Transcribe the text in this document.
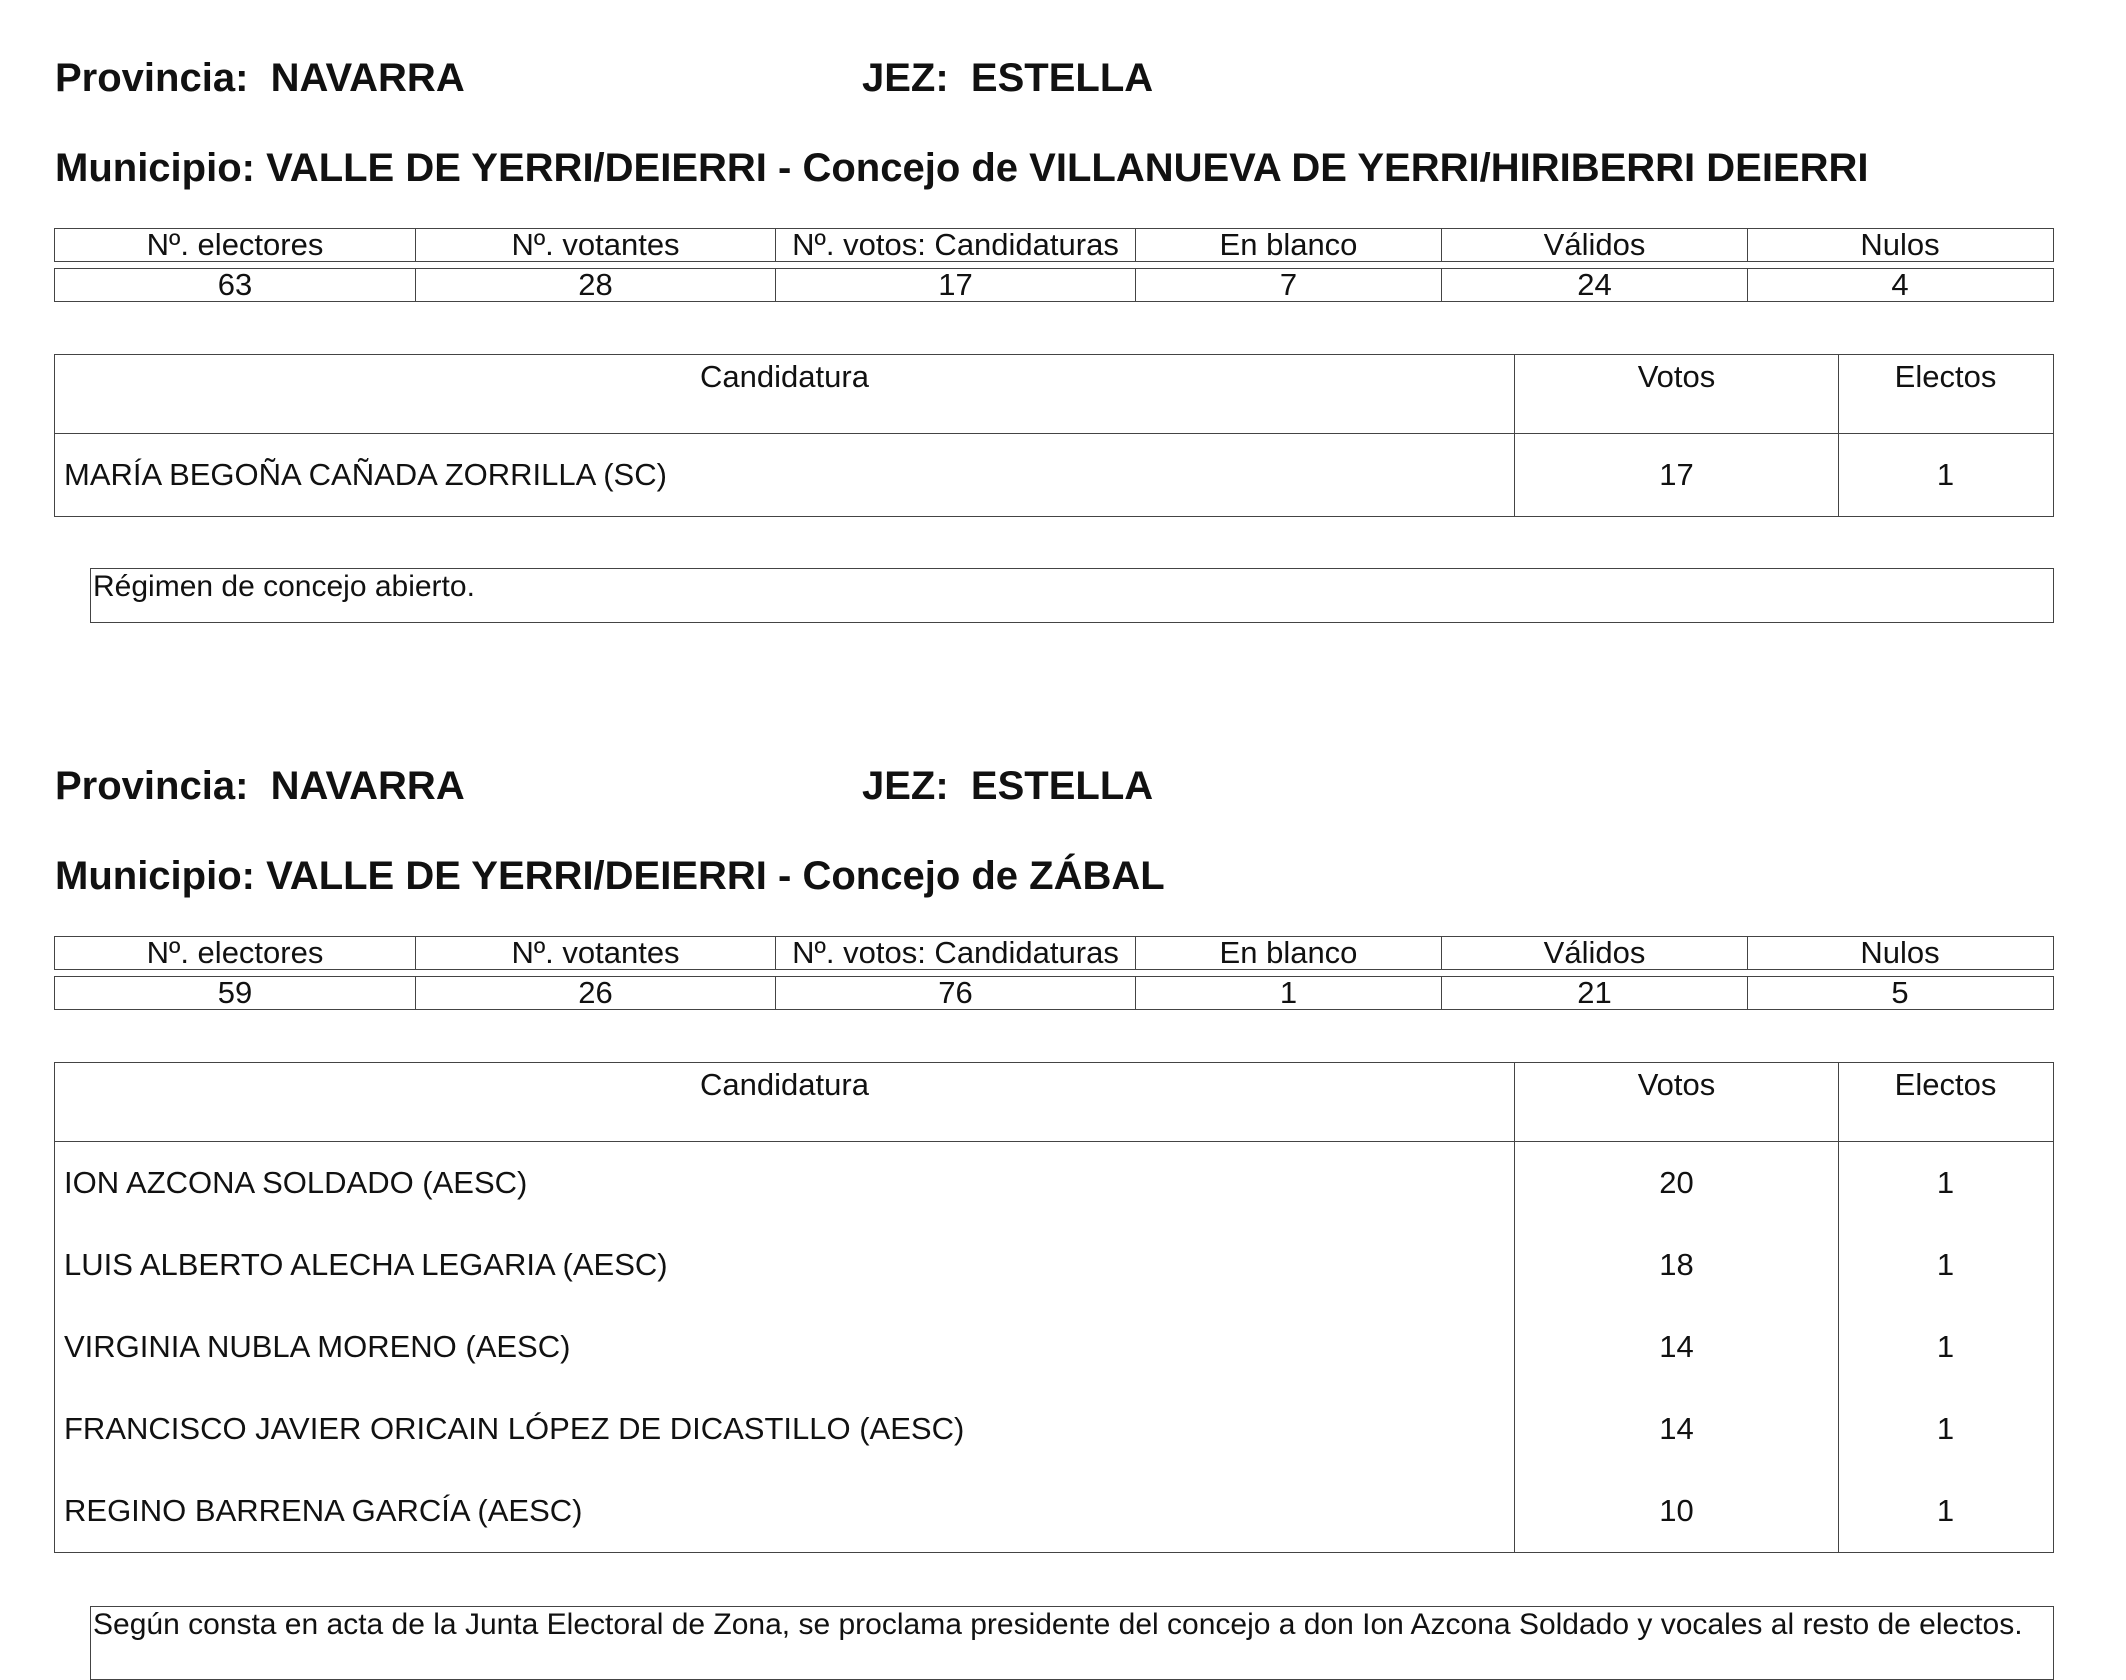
Provincia: NAVARRA	JEZ: ESTELLA
Municipio: VALLE DE YERRI/DEIERRI - Concejo de VILLANUEVA DE YERRI/HIRIBERRI DEIERRI
Nº. electores	Nº. votantes	Nº. votos: Candidaturas	En blanco	Válidos	Nulos
63	28	17	7	24	4
Candidatura	Votos	Electos
MARÍA BEGOÑA CAÑADA ZORRILLA (SC)	17	1
Régimen de concejo abierto.
Provincia: NAVARRA	JEZ: ESTELLA
Municipio: VALLE DE YERRI/DEIERRI - Concejo de ZÁBAL
Nº. electores	Nº. votantes	Nº. votos: Candidaturas	En blanco	Válidos	Nulos
59	26	76	1	21	5
Candidatura	Votos	Electos
ION AZCONA SOLDADO (AESC)	20	1
LUIS ALBERTO ALECHA LEGARIA (AESC)	18	1
VIRGINIA NUBLA MORENO (AESC)	14	1
FRANCISCO JAVIER ORICAIN LÓPEZ DE DICASTILLO (AESC)	14	1
REGINO BARRENA GARCÍA (AESC)	10	1
Según consta en acta de la Junta Electoral de Zona, se proclama presidente del concejo a don Ion Azcona Soldado y vocales al resto de electos.
